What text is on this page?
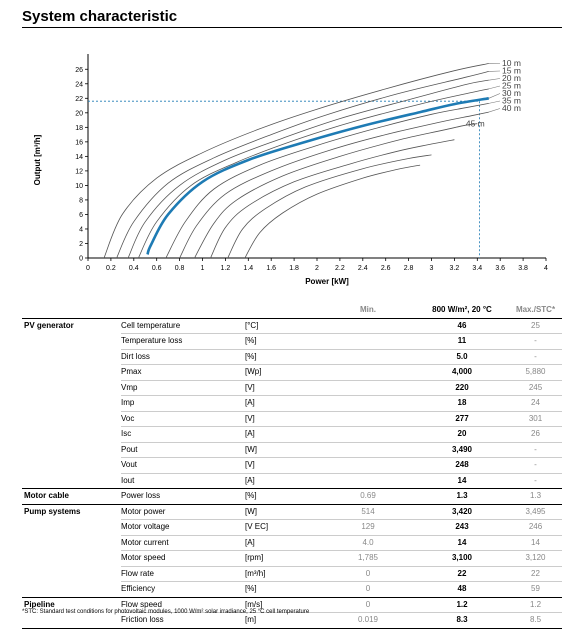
System characteristic
0 0.2 0.4 0.6 0.8 1 1.2 1.4 1.6 1.8 2 2.2 2.4 2.6 2.8 3 3.2 3.4 3.6 3.8 4
0
2
4
6
8
10
12
14
16
18
20
22
24
26
Power [kW]
Output [m³/h]
10 m
15 m
20 m
25 m
30 m
35 m
40 m
45 m
			Min.	800 W/m², 20 °C	Max./STC*
PV generator	Cell temperature	[°C]		46	25
	Temperature loss	[%]		11	-
	Dirt loss	[%]		5.0	-
	Pmax	[Wp]		4,000	5,880
	Vmp	[V]		220	245
	Imp	[A]		18	24
	Voc	[V]		277	301
	Isc	[A]		20	26
	Pout	[W]		3,490	-
	Vout	[V]		248	-
	Iout	[A]		14	-
Motor cable	Power loss	[%]	0.69	1.3	1.3
Pump systems	Motor power	[W]	514	3,420	3,495
	Motor voltage	[V EC]	129	243	246
	Motor current	[A]	4.0	14	14
	Motor speed	[rpm]	1,785	3,100	3,120
	Flow rate	[m³/h]	0	22	22
	Efficiency	[%]	0	48	59
Pipeline	Flow speed	[m/s]	0	1.2	1.2
	Friction loss	[m]	0.019	8.3	8.5
*STC: Standard test conditions for photovoltaic modules, 1000 W/m² solar irradiance, 25 °C cell temperature
